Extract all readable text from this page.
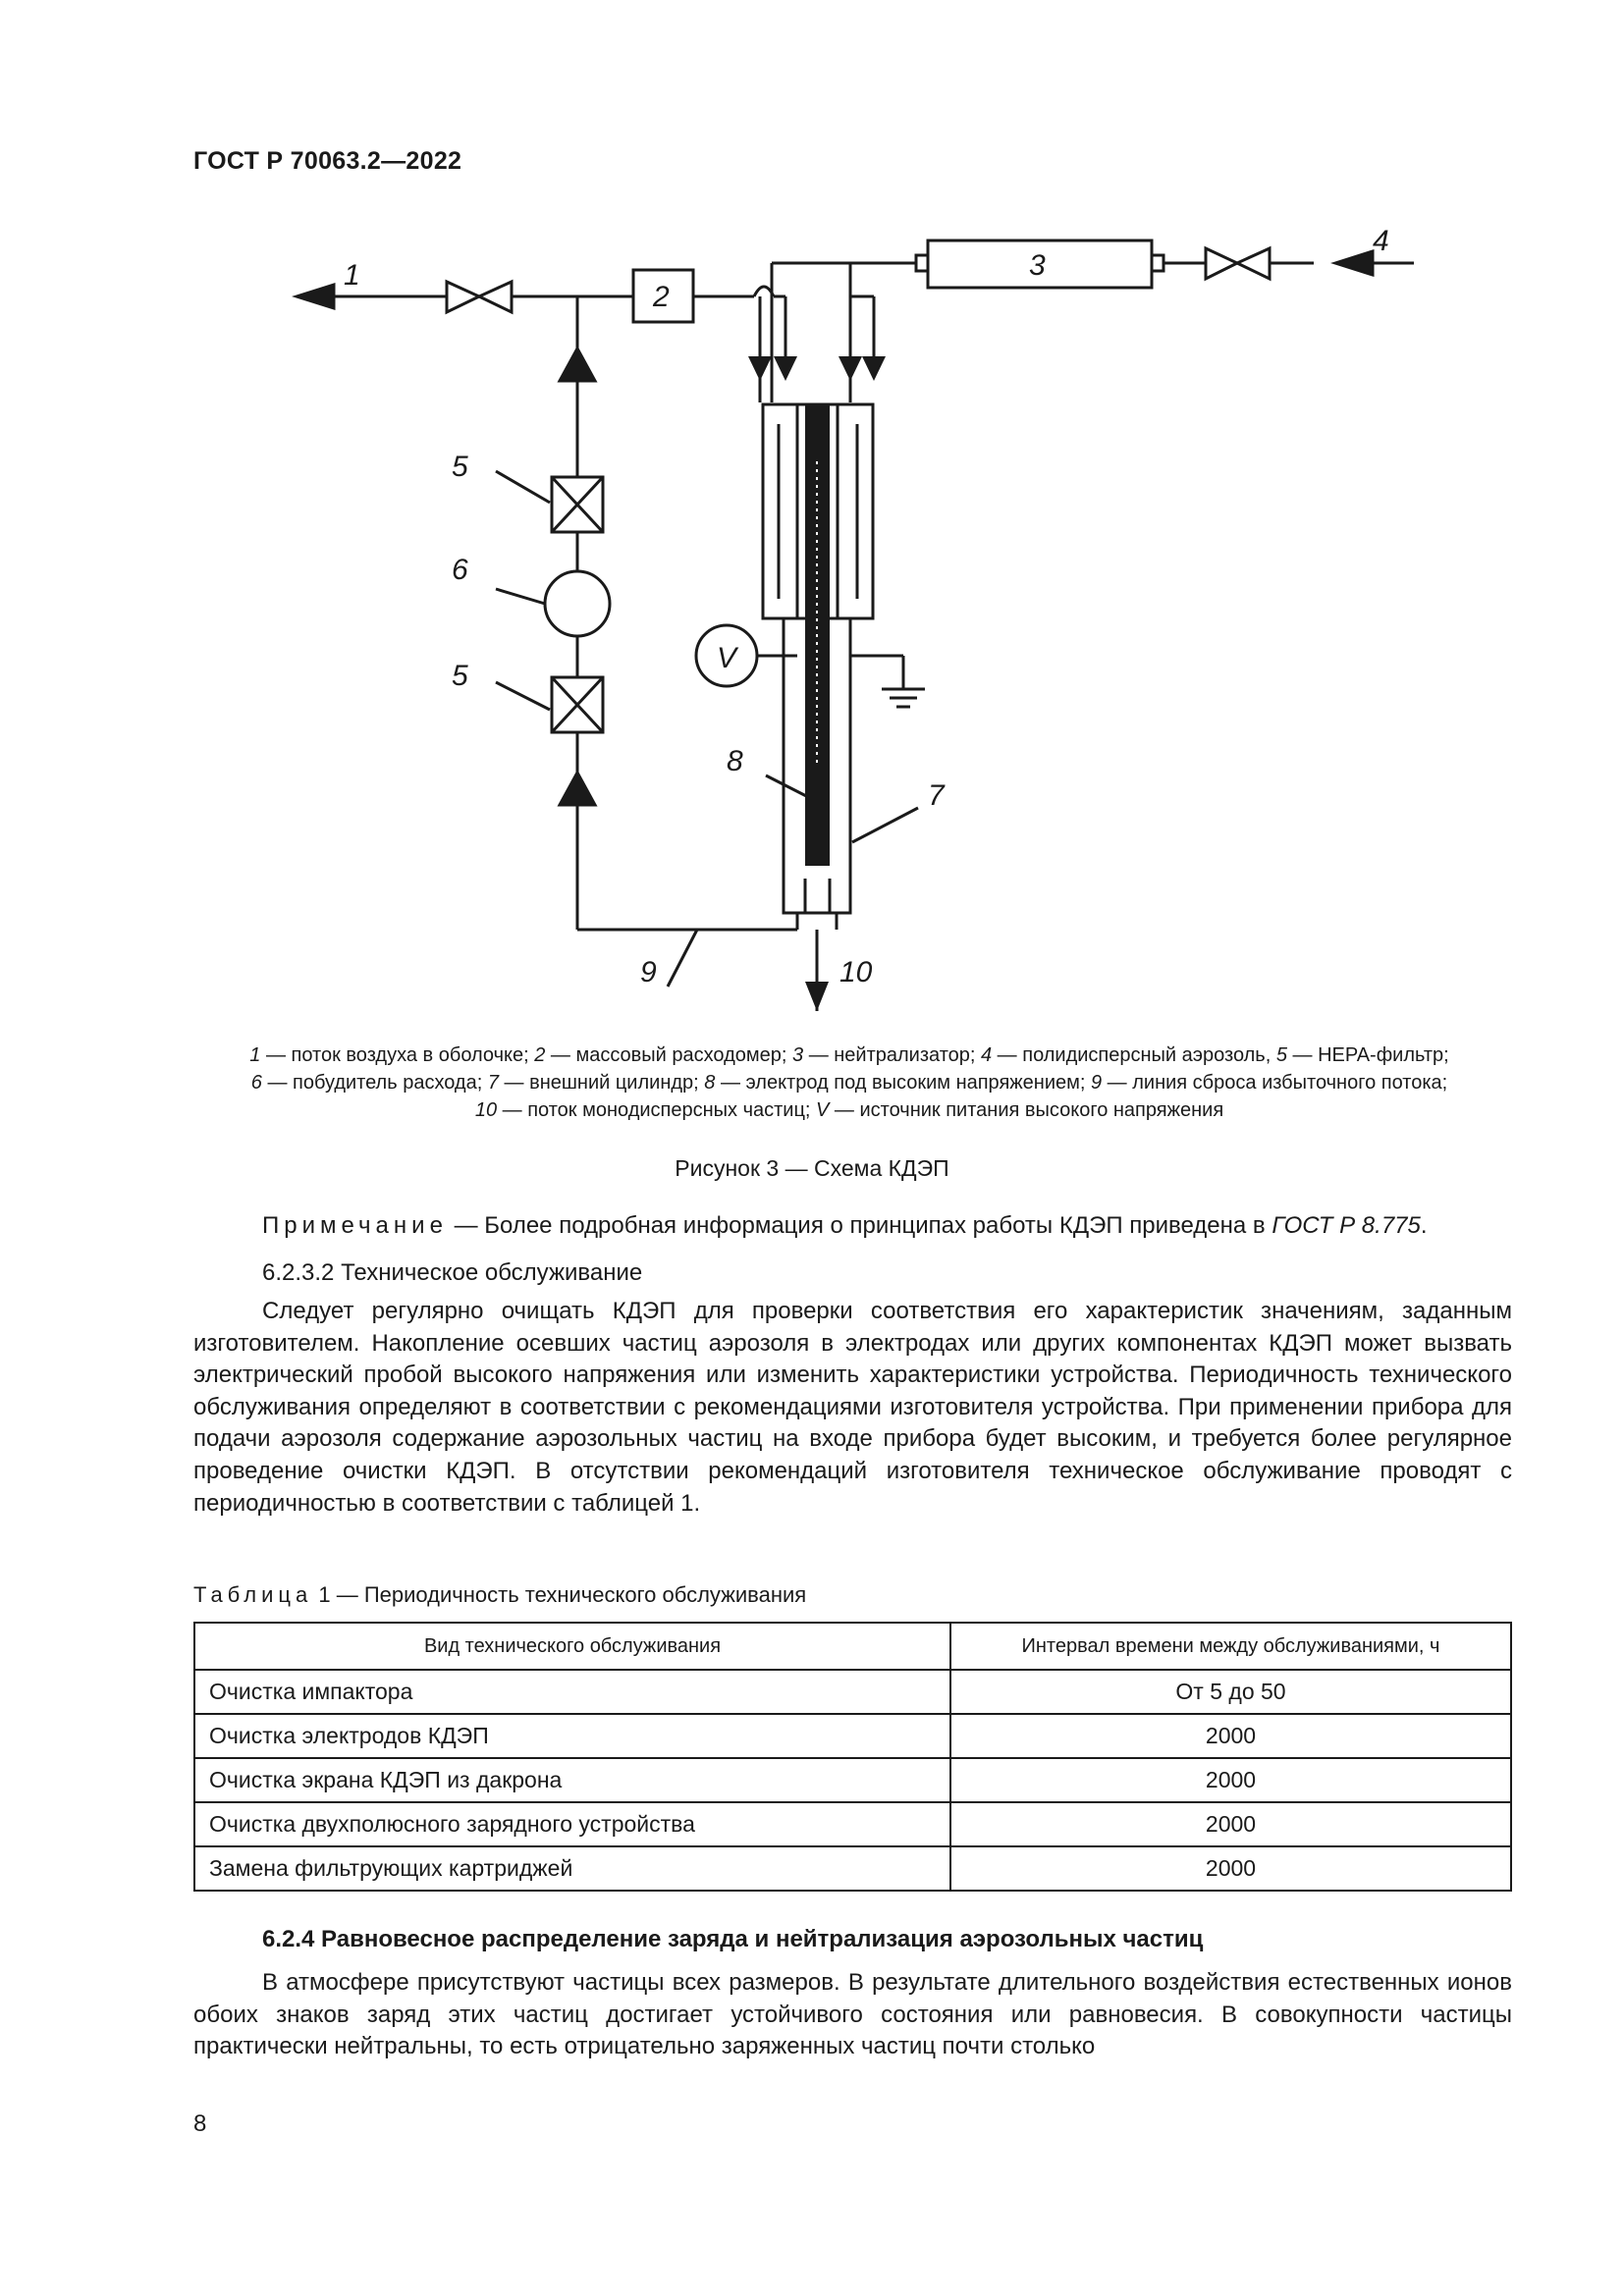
ГОСТ Р 70063.2—2022
1
2
3
4
5
6
5
8
7
9	10
V
1 — поток воздуха в оболочке; 2 — массовый расходомер; 3 — нейтрализатор; 4 — полидисперсный аэрозоль, 5 — HEPA-фильтр;
6 — побудитель расхода; 7 — внешний цилиндр; 8 — электрод под высоким напряжением; 9 — линия сброса избыточного потока;
10 — поток монодисперсных частиц; V — источник питания высокого напряжения
Рисунок 3 — Схема КДЭП
Примечание — Более подробная информация о принципах работы КДЭП приведена в ГОСТ Р 8.775.
6.2.3.2 Техническое обслуживание
Следует регулярно очищать КДЭП для проверки соответствия его характеристик значениям, заданным изготовителем. Накопление осевших частиц аэрозоля в электродах или других компонентах КДЭП может вызвать электрический пробой высокого напряжения или изменить характеристики устройства. Периодичность технического обслуживания определяют в соответствии с рекомендациями изготовителя устройства. При применении прибора для подачи аэрозоля содержание аэрозольных частиц на входе прибора будет высоким, и требуется более регулярное проведение очистки КДЭП. В отсутствии рекомендаций изготовителя техническое обслуживание проводят с периодичностью в соответствии с таблицей 1.
Таблица 1 — Периодичность технического обслуживания
Вид технического обслуживания	Интервал времени между обслуживаниями, ч
Очистка импактора	От 5 до 50
Очистка электродов КДЭП	2000
Очистка экрана КДЭП из дакрона	2000
Очистка двухполюсного зарядного устройства	2000
Замена фильтрующих картриджей	2000
6.2.4 Равновесное распределение заряда и нейтрализация аэрозольных частиц
В атмосфере присутствуют частицы всех размеров. В результате длительного воздействия естественных ионов обоих знаков заряд этих частиц достигает устойчивого состояния или равновесия. В совокупности частицы практически нейтральны, то есть отрицательно заряженных частиц почти столько
8
